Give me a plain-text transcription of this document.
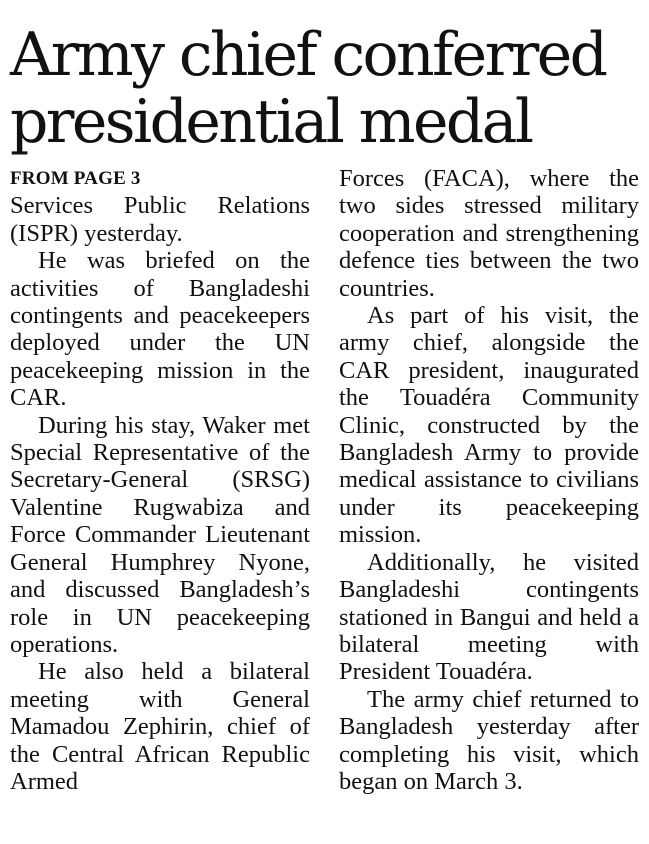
Army chief conferred presidential medal
FROM PAGE 3

Services Public Relations (ISPR) yesterday.

He was briefed on the activities of Bangladeshi contingents and peacekeepers deployed under the UN peacekeeping mission in the CAR.

During his stay, Waker met Special Representative of the Secretary-General (SRSG) Valentine Rugwabiza and Force Commander Lieutenant General Humphrey Nyone, and discussed Bangladesh’s role in UN peacekeeping operations.

He also held a bilateral meeting with General Mamadou Zephirin, chief of the Central African Republic Armed

Forces (FACA), where the two sides stressed military cooperation and strengthening defence ties between the two countries.

As part of his visit, the army chief, alongside the CAR president, inaugurated the Touadéra Community Clinic, constructed by the Bangladesh Army to provide medical assistance to civilians under its peacekeeping mission.

Additionally, he visited Bangladeshi contingents stationed in Bangui and held a bilateral meeting with President Touadéra.

The army chief returned to Bangladesh yesterday after completing his visit, which began on March 3.
